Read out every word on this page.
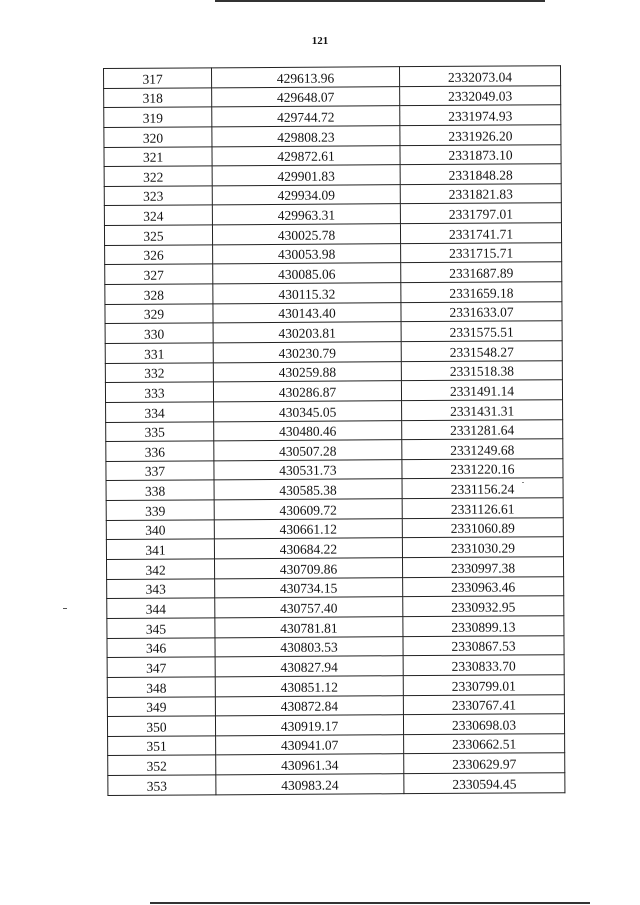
121
317	429613.96	2332073.04
318	429648.07	2332049.03
319	429744.72	2331974.93
320	429808.23	2331926.20
321	429872.61	2331873.10
322	429901.83	2331848.28
323	429934.09	2331821.83
324	429963.31	2331797.01
325	430025.78	2331741.71
326	430053.98	2331715.71
327	430085.06	2331687.89
328	430115.32	2331659.18
329	430143.40	2331633.07
330	430203.81	2331575.51
331	430230.79	2331548.27
332	430259.88	2331518.38
333	430286.87	2331491.14
334	430345.05	2331431.31
335	430480.46	2331281.64
336	430507.28	2331249.68
337	430531.73	2331220.16
338	430585.38	2331156.24
339	430609.72	2331126.61
340	430661.12	2331060.89
341	430684.22	2331030.29
342	430709.86	2330997.38
343	430734.15	2330963.46
344	430757.40	2330932.95
345	430781.81	2330899.13
346	430803.53	2330867.53
347	430827.94	2330833.70
348	430851.12	2330799.01
349	430872.84	2330767.41
350	430919.17	2330698.03
351	430941.07	2330662.51
352	430961.34	2330629.97
353	430983.24	2330594.45
